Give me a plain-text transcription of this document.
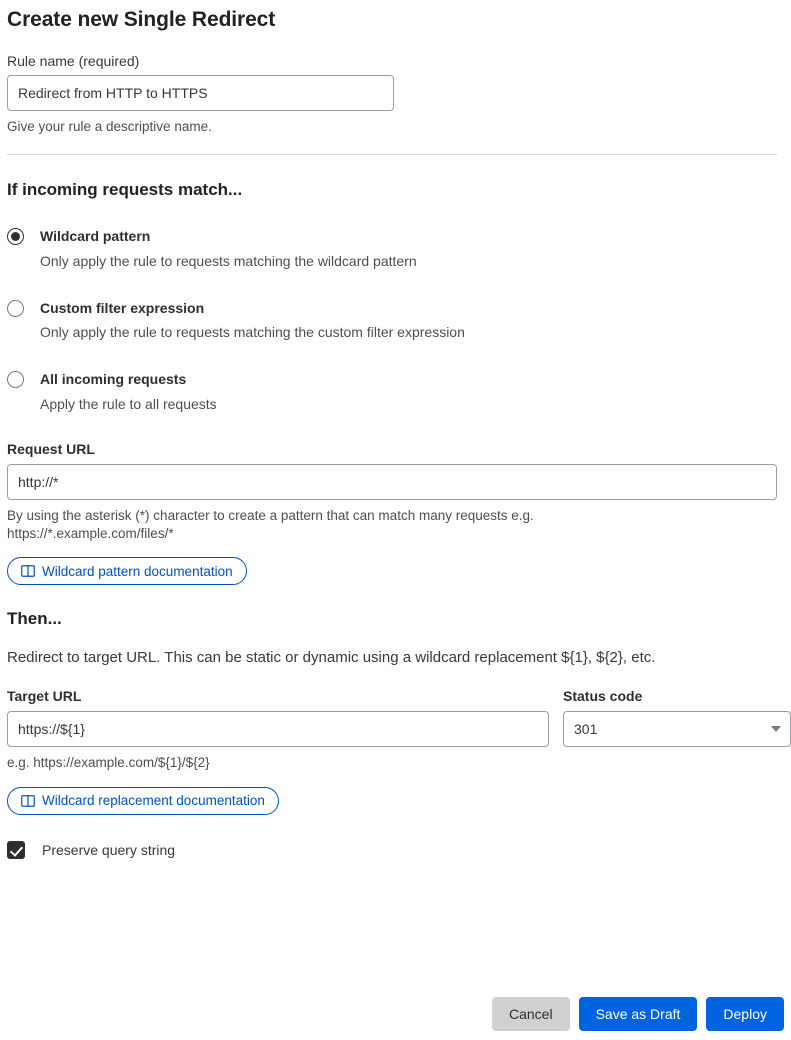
Create new Single Redirect
Rule name (required)
Redirect from HTTP to HTTPS
Give your rule a descriptive name.
If incoming requests match...
Wildcard pattern
Only apply the rule to requests matching the wildcard pattern
Custom filter expression
Only apply the rule to requests matching the custom filter expression
All incoming requests
Apply the rule to all requests
Request URL
http://*
By using the asterisk (*) character to create a pattern that can match many requests e.g. https://*.example.com/files/*
Wildcard pattern documentation
Then...
Redirect to target URL. This can be static or dynamic using a wildcard replacement ${1}, ${2}, etc.
Target URL
https://${1}	Status code
301
e.g. https://example.com/${1}/${2}
Wildcard replacement documentation
Preserve query string
Cancel	Save as Draft	Deploy
